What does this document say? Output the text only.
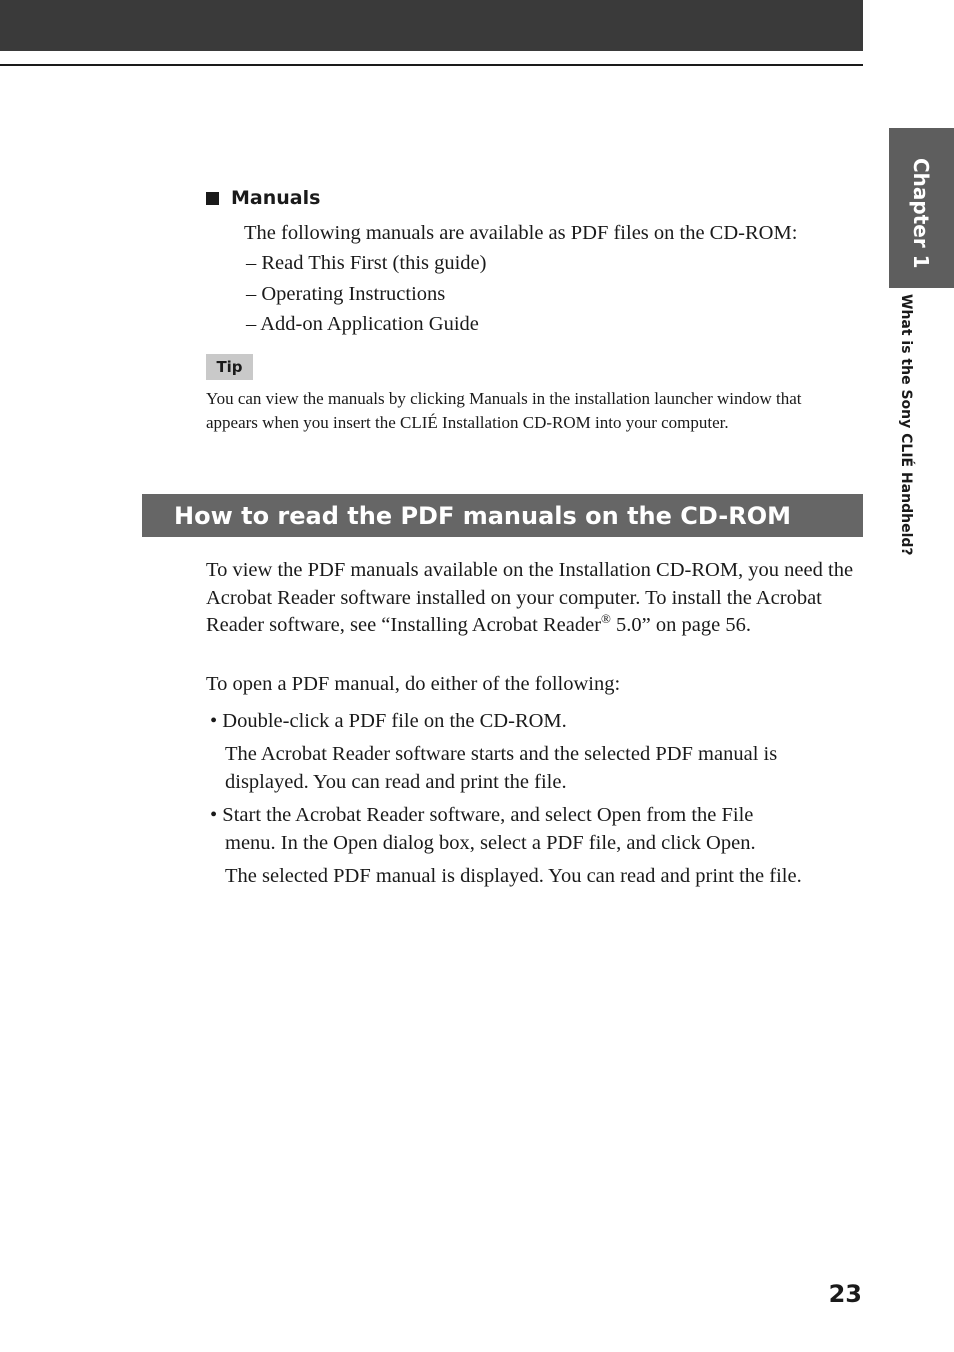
Chapter 1
What is the Sony CLIÉ Handheld?
Manuals
The following manuals are available as PDF files on the CD-ROM:
– Read This First (this guide)
– Operating Instructions
– Add-on Application Guide
Tip

You can view the manuals by clicking Manuals in the installation launcher window that appears when you insert the CLIÉ Installation CD-ROM into your computer.

How to read the PDF manuals on the CD-ROM

To view the PDF manuals available on the Installation CD-ROM, you need the Acrobat Reader software installed on your computer. To install the Acrobat Reader software, see “Installing Acrobat Reader® 5.0” on page 56.

To open a PDF manual, do either of the following:

• Double-click a PDF file on the CD-ROM.
The Acrobat Reader software starts and the selected PDF manual is
displayed. You can read and print the file.
• Start the Acrobat Reader software, and select Open from the File
menu. In the Open dialog box, select a PDF file, and click Open.
The selected PDF manual is displayed. You can read and print the file.
23
